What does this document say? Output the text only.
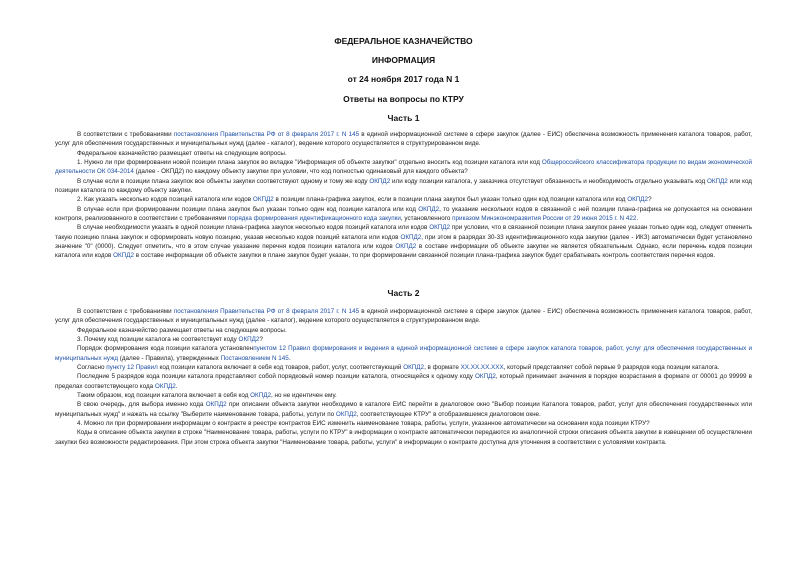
ФЕДЕРАЛЬНОЕ КАЗНАЧЕЙСТВО
ИНФОРМАЦИЯ
от 24 ноября 2017 года N 1
Ответы на вопросы по КТРУ
Часть 1

В соответствии с требованиями постановления Правительства РФ от 8 февраля 2017 г. N 145 в единой информационной системе в сфере закупок (далее - ЕИС) обеспечена возможность применения каталога товаров, работ, услуг для обеспечения государственных и муниципальных нужд (далее - каталог), ведение которого осуществляется в структурированном виде.

Федеральное казначейство размещает ответы на следующие вопросы.

1. Нужно ли при формировании новой позиции плана закупок во вкладке "Информация об объекте закупки" отдельно вносить код позиции каталога или код Общероссийского классификатора продукции по видам экономической деятельности ОК 034-2014 (далее - ОКПД2) по каждому объекту закупки при условии, что код полностью одинаковый для каждого объекта?

В случае если в позиции плана закупок все объекты закупки соответствуют одному и тому же коду ОКПД2 или коду позиции каталога, у заказчика отсутствует обязанность и необходимость отдельно указывать код ОКПД2 или код позиции каталога по каждому объекту закупки.

2. Как указать несколько кодов позиций каталога или кодов ОКПД2 в позиции плана-графика закупок, если в позиции плана закупок был указан только один код позиции каталога или код ОКПД2?

В случае если при формировании позиции плана закупок был указан только один код позиции каталога или код ОКПД2, то указание нескольких кодов в связанной с ней позиции плана-графика не допускается на основании контроля, реализованного в соответствии с требованиями порядка формирования идентификационного кода закупки, установленного приказом Минэкономразвития России от 29 июня 2015 г. N 422.

В случае необходимости указать в одной позиции плана-графика закупок несколько кодов позиций каталога или кодов ОКПД2 при условии, что в связанной позиции плана закупок ранее указан только один код, следует отменить такую позицию плана закупок и сформировать новую позицию, указав несколько кодов позиций каталога или кодов ОКПД2, при этом в разрядах 30-33 идентификационного кода закупки (далее - ИКЗ) автоматически будет установлено значение "0" (0000). Следует отметить, что в этом случае указание перечня кодов позиции каталога или кодов ОКПД2 в составе информации об объекте закупки не является обязательным. Однако, если перечень кодов позиции каталога или кодов ОКПД2 в составе информации об объекте закупки в плане закупок будет указан, то при формировании связанной позиции плана-графика закупок будет срабатывать контроль соответствия перечня кодов.

Часть 2

В соответствии с требованиями постановления Правительства РФ от 8 февраля 2017 г. N 145 в единой информационной системе в сфере закупок (далее - ЕИС) обеспечена возможность применения каталога товаров, работ, услуг для обеспечения государственных и муниципальных нужд (далее - каталог), ведение которого осуществляется в структурированном виде.

Федеральное казначейство размещает ответы на следующие вопросы.

3. Почему код позиции каталога не соответствует коду ОКПД2?

Порядок формирования кода позиции каталога установленпунктом 12 Правил формирования и ведения в единой информационной системе в сфере закупок каталога товаров, работ, услуг для обеспечения государственных и муниципальных нужд (далее - Правила), утвержденных Постановлением N 145.

Согласно пункту 12 Правил код позиции каталога включает в себя код товаров, работ, услуг, соответствующий ОКПД2, в формате XX.XX.XX.XXX, который представляет собой первые 9 разрядов кода позиции каталога.

Последние 5 разрядов кода позиции каталога представляют собой порядковый номер позиции каталога, относящейся к одному коду ОКПД2, который принимает значения в порядке возрастания в формате от 00001 до 99999 в пределах соответствующего кода ОКПД2.

Таким образом, код позиции каталога включает в себя код ОКПД2, но не идентичен ему.

В свою очередь, для выбора именно кода ОКПД2 при описании объекта закупки необходимо в каталоге ЕИС перейти в диалоговое окно "Выбор позиции Каталога товаров, работ, услуг для обеспечения государственных или муниципальных нужд" и нажать на ссылку "Выберите наименование товара, работы, услуги по ОКПД2, соответствующее КТРУ" в отобразившемся диалоговом окне.

4. Можно ли при формировании информации о контракте в реестре контрактов ЕИС изменить наименование товара, работы, услуги, указанное автоматически на основании кода позиции КТРУ?

Коды в описание объекта закупки в строке "Наименование товара, работы, услуги по КТРУ" в информации о контракте автоматически передаются из аналогичной строки описания объекта закупки в извещении об осуществлении закупки без возможности редактирования. При этом строка объекта закупки "Наименование товара, работы, услуги" в информации о контракте доступна для уточнения в соответствии с условиями контракта.
